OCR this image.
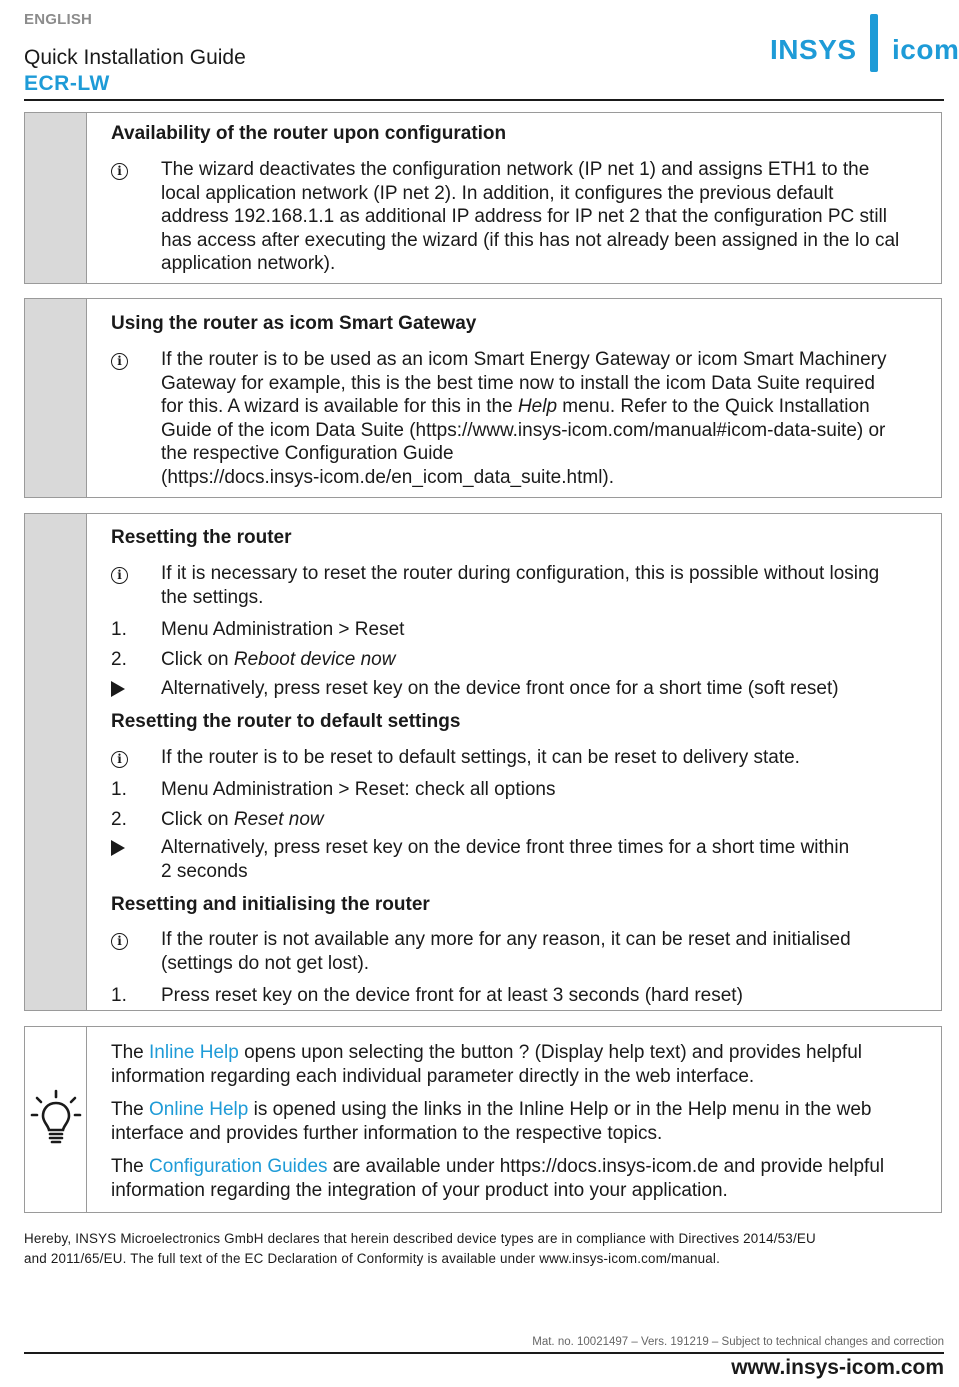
ENGLISH
Quick Installation Guide
ECR-LW
INSYS icom
Availability of the router upon configuration
i	The wizard deactivates the configuration network (IP net 1) and assigns ETH1 to the

local application network (IP net 2). In addition, it configures the previous default

address 192.168.1.1 as additional IP address for IP net 2 that the configuration PC still

has access after executing the wizard (if this has not already been assigned in the lo cal

application network).

Using the router as icom Smart Gateway
i	If the router is to be used as an icom Smart Energy Gateway or icom Smart Machinery

Gateway for example, this is the best time now to install the icom Data Suite required

for this. A wizard is available for this in the Help menu. Refer to the Quick Installation

Guide of the icom Data Suite (https://www.insys-icom.com/manual#icom-data-suite) or

the respective Configuration Guide

(https://docs.insys-icom.de/en_icom_data_suite.html).

Resetting the router
i	If it is necessary to reset the router during configuration, this is possible without losing

the settings.

1.	Menu Administration > Reset

2.	Click on Reboot device now

Alternatively, press reset key on the device front once for a short time (soft reset)

Resetting the router to default settings
i	If the router is to be reset to default settings, it can be reset to delivery state.

1.	Menu Administration > Reset: check all options

2.	Click on Reset now

Alternatively, press reset key on the device front three times for a short time within

2 seconds

Resetting and initialising the router
i	If the router is not available any more for any reason, it can be reset and initialised

(settings do not get lost).

1.	Press reset key on the device front for at least 3 seconds (hard reset)

The Inline Help opens upon selecting the button ? (Display help text) and provides helpful

information regarding each individual parameter directly in the web interface.

The Online Help is opened using the links in the Inline Help or in the Help menu in the web

interface and provides further information to the respective topics.

The Configuration Guides are available under https://docs.insys-icom.de and provide helpful

information regarding the integration of your product into your application.

Hereby, INSYS Microelectronics GmbH declares that herein described device types are in compliance with Directives 2014/53/EU

and 2011/65/EU. The full text of the EC Declaration of Conformity is available under www.insys-icom.com/manual.

Mat. no. 10021497 – Vers. 191219 – Subject to technical changes and correction
www.insys-icom.com
